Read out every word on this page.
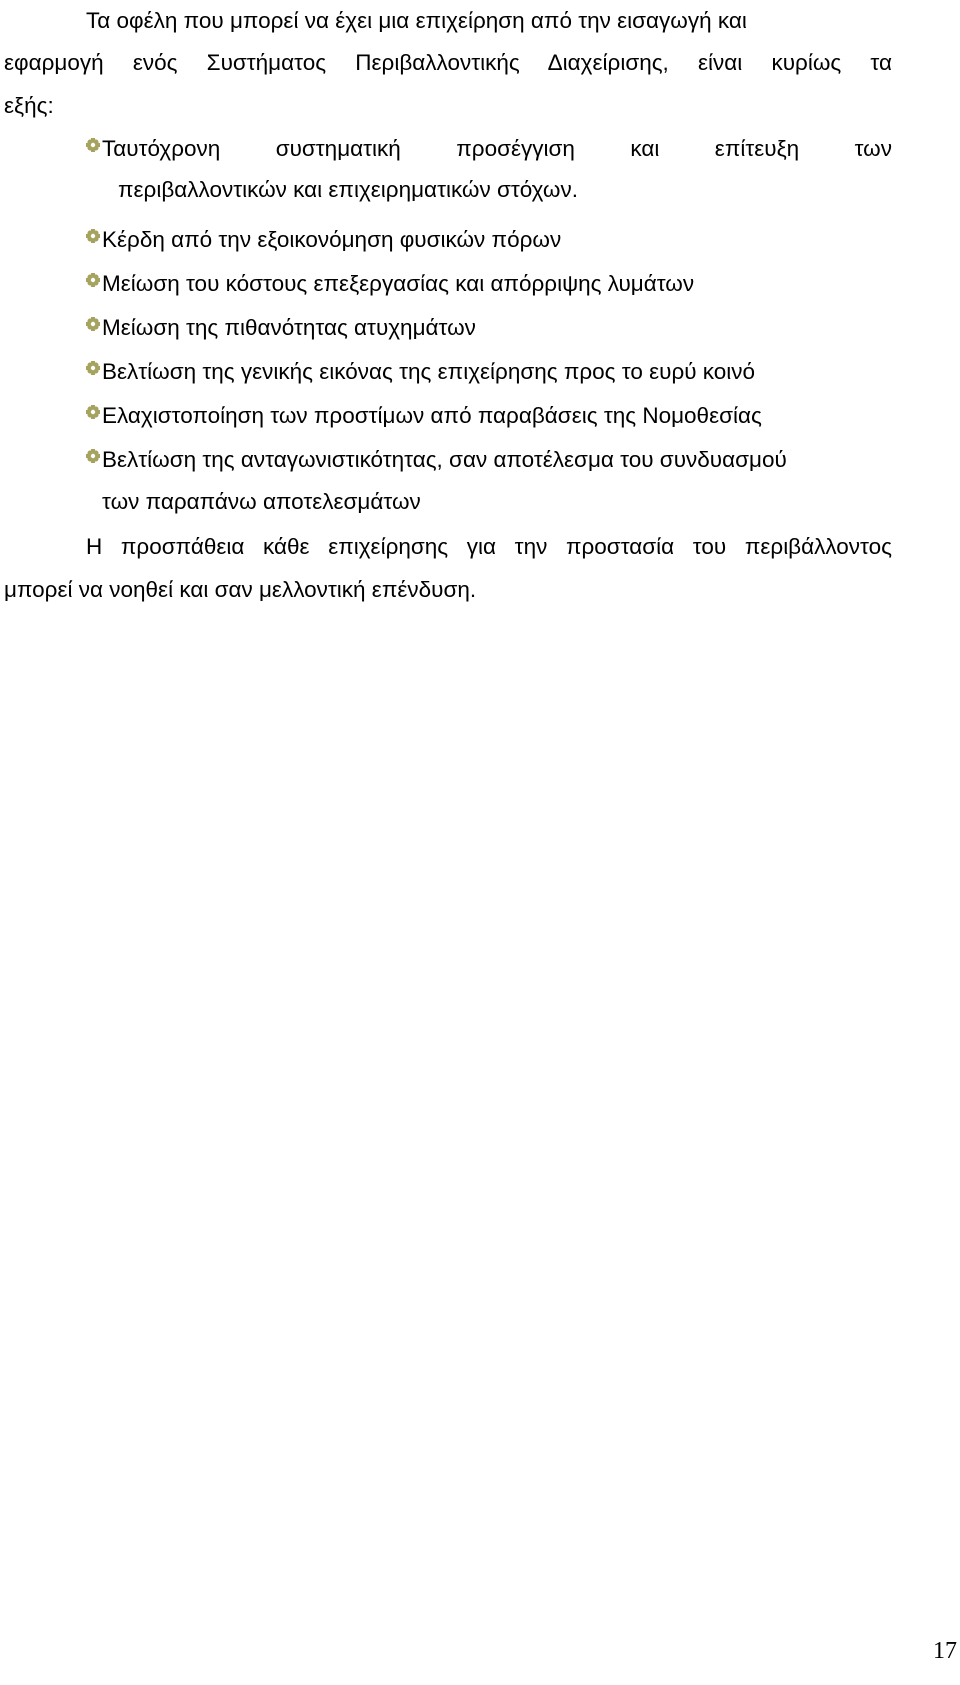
Τα οφέλη που μπορεί να έχει μια επιχείρηση από την εισαγωγή και
εφαρμογή ενός Συστήματος Περιβαλλοντικής Διαχείρισης, είναι κυρίως τα
εξής:
Ταυτόχρονη συστηματική προσέγγιση και επίτευξη των
περιβαλλοντικών και επιχειρηματικών στόχων.
Κέρδη από την εξοικονόμηση φυσικών πόρων
Μείωση του κόστους επεξεργασίας και απόρριψης λυμάτων
Μείωση της πιθανότητας ατυχημάτων
Βελτίωση της γενικής εικόνας της επιχείρησης προς το ευρύ κοινό
Ελαχιστοποίηση των προστίμων από παραβάσεις της Νομοθεσίας
Βελτίωση της ανταγωνιστικότητας, σαν αποτέλεσμα του συνδυασμού
των παραπάνω αποτελεσμάτων
Η προσπάθεια κάθε επιχείρησης για την προστασία του περιβάλλοντος
μπορεί να νοηθεί και σαν μελλοντική επένδυση.
17
